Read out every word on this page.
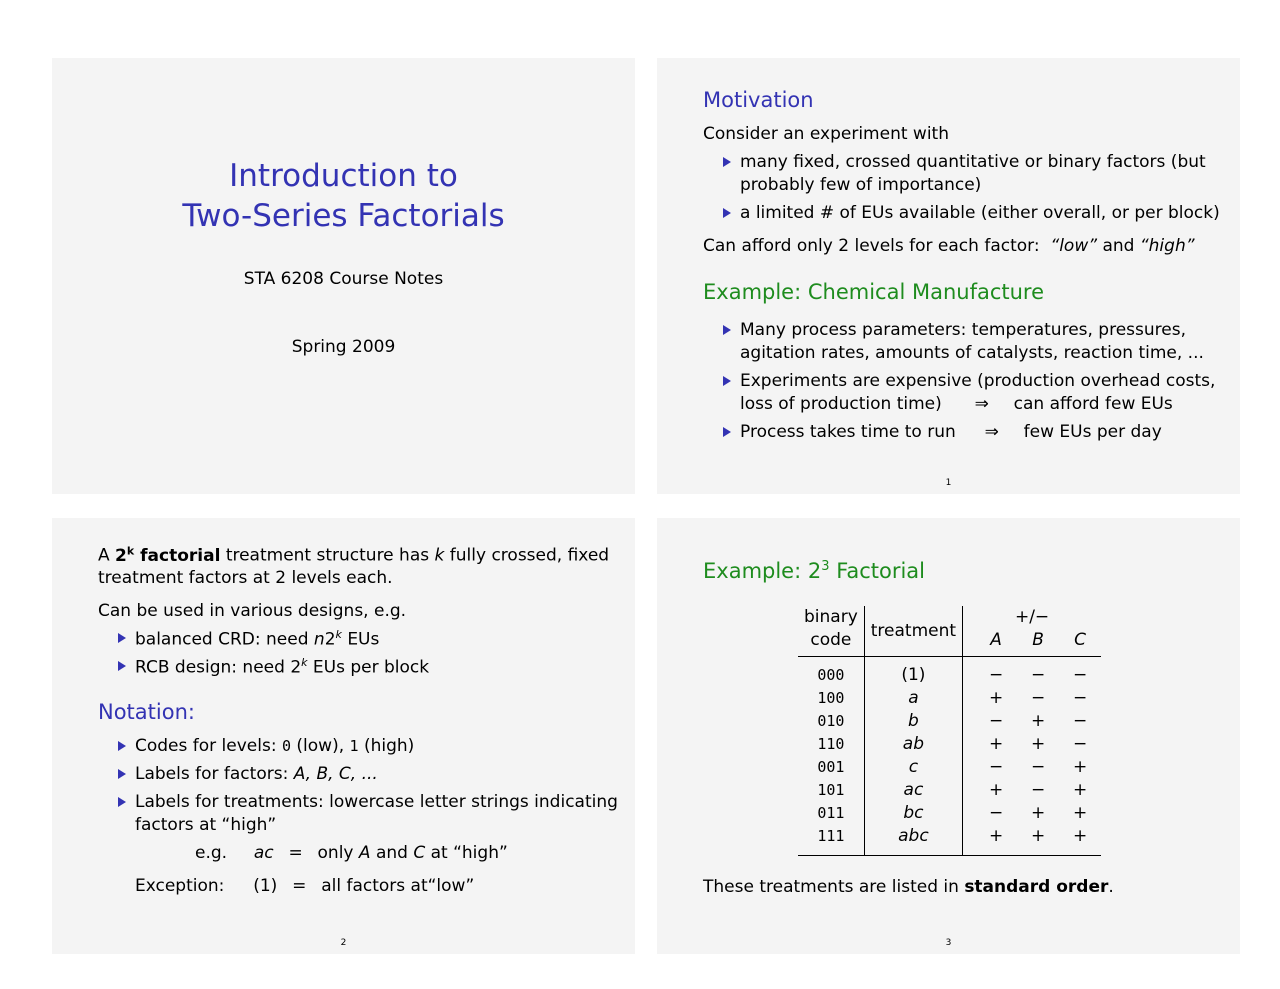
Introduction to
Two-Series Factorials
STA 6208 Course Notes
Spring 2009
Motivation
Consider an experiment with
many fixed, crossed quantitative or binary factors (but
probably few of importance)
a limited # of EUs available (either overall, or per block)
Can afford only 2 levels for each factor: “low” and “high”
Example: Chemical Manufacture
Many process parameters: temperatures, pressures,
agitation rates, amounts of catalysts, reaction time, ...
Experiments are expensive (production overhead costs,
loss of production time) ⇒ can afford few EUs
Process takes time to run ⇒ few EUs per day
1
A 2$^k$ factorial treatment structure has k fully crossed, fixed
treatment factors at 2 levels each.
Can be used in various designs, e.g.
balanced CRD: need n2$^k$ EUs
RCB design: need 2$^k$ EUs per block
Notation:
Codes for levels: 0 (low), 1 (high)
Labels for factors: A, B, C, ...
Labels for treatments: lowercase letter strings indicating
factors at “high”
e.g. ac = only A and C at “high”
Exception: (1) = all factors at“low”
2
Example: $2^3$ Factorial
binary	treatment	+/−		
code		A	B	C
000	(1)	−	−	−
100	a	+	−	−
010	b	−	+	−
110	ab	+	+	−
001	c	−	−	+
101	ac	+	−	+
011	bc	−	+	+
111	abc	+	+	+
These treatments are listed in standard order.
3
